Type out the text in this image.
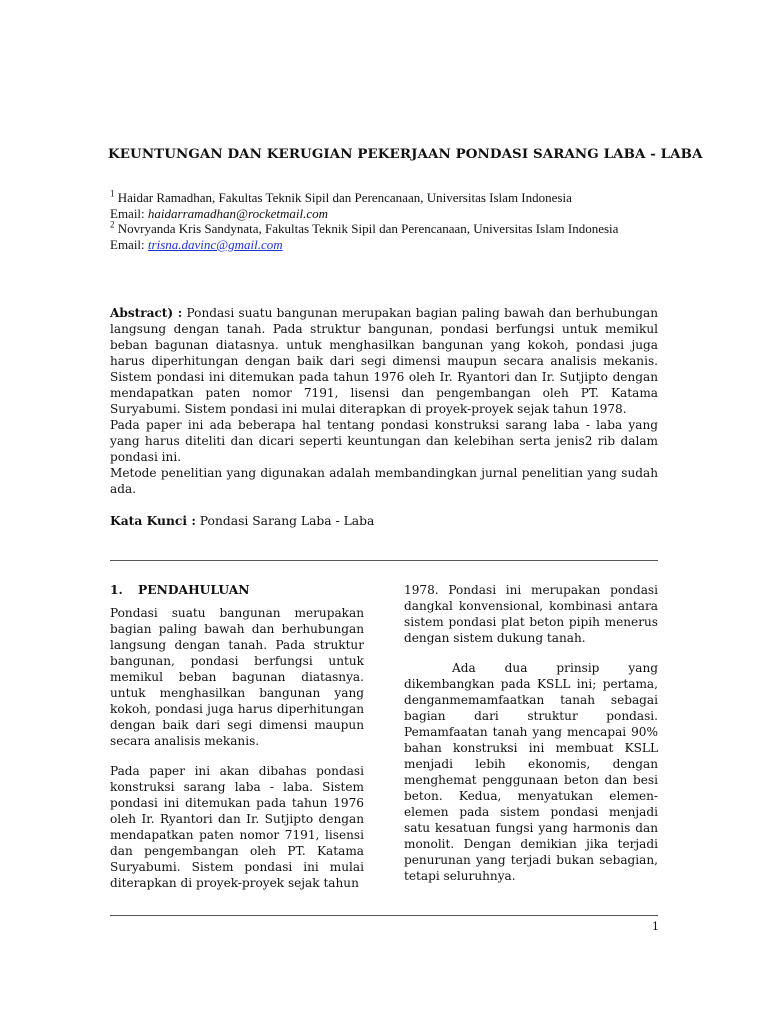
KEUNTUNGAN DAN KERUGIAN PEKERJAAN PONDASI SARANG LABA - LABA

$^1$ Haidar Ramadhan, Fakultas Teknik Sipil dan Perencanaan, Universitas Islam Indonesia

Email: haidarramadhan@rocketmail.com

$^2$ Novryanda Kris Sandynata, Fakultas Teknik Sipil dan Perencanaan, Universitas Islam Indonesia

Email: trisna.davinc@gmail.com

Abstract) : Pondasi suatu bangunan merupakan bagian paling bawah dan berhubungan langsung dengan tanah. Pada struktur bangunan, pondasi berfungsi untuk memikul beban bagunan diatasnya. untuk menghasilkan bangunan yang kokoh, pondasi juga harus diperhitungan dengan baik dari segi dimensi maupun secara analisis mekanis. Sistem pondasi ini ditemukan pada tahun 1976 oleh Ir. Ryantori dan Ir. Sutjipto dengan mendapatkan paten nomor 7191, lisensi dan pengembangan oleh PT. Katama Suryabumi. Sistem pondasi ini mulai diterapkan di proyek-proyek sejak tahun 1978.

Pada paper ini ada beberapa hal tentang pondasi konstruksi sarang laba - laba yang yang harus diteliti dan dicari seperti keuntungan dan kelebihan serta jenis2 rib dalam pondasi ini.

Metode penelitian yang digunakan adalah membandingkan jurnal penelitian yang sudah ada.

Kata Kunci : Pondasi Sarang Laba - Laba
1. PENDAHULUAN

Pondasi suatu bangunan merupakan bagian paling bawah dan berhubungan langsung dengan tanah. Pada struktur bangunan, pondasi berfungsi untuk memikul beban bagunan diatasnya. untuk menghasilkan bangunan yang kokoh, pondasi juga harus diperhitungan dengan baik dari segi dimensi maupun secara analisis mekanis.

Pada paper ini akan dibahas pondasi konstruksi sarang laba - laba. Sistem pondasi ini ditemukan pada tahun 1976 oleh Ir. Ryantori dan Ir. Sutjipto dengan mendapatkan paten nomor 7191, lisensi dan pengembangan oleh PT. Katama Suryabumi. Sistem pondasi ini mulai diterapkan di proyek-proyek sejak tahun

1978. Pondasi ini merupakan pondasi dangkal konvensional, kombinasi antara sistem pondasi plat beton pipih menerus dengan sistem dukung tanah.

Ada dua prinsip yang dikembangkan pada KSLL ini; pertama, denganmemamfaatkan tanah sebagai bagian dari struktur pondasi. Pemamfaatan tanah yang mencapai 90% bahan konstruksi ini membuat KSLL menjadi lebih ekonomis, dengan menghemat penggunaan beton dan besi beton. Kedua, menyatukan elemen-elemen pada sistem pondasi menjadi satu kesatuan fungsi yang harmonis dan monolit. Dengan demikian jika terjadi penurunan yang terjadi bukan sebagian, tetapi seluruhnya.

1
